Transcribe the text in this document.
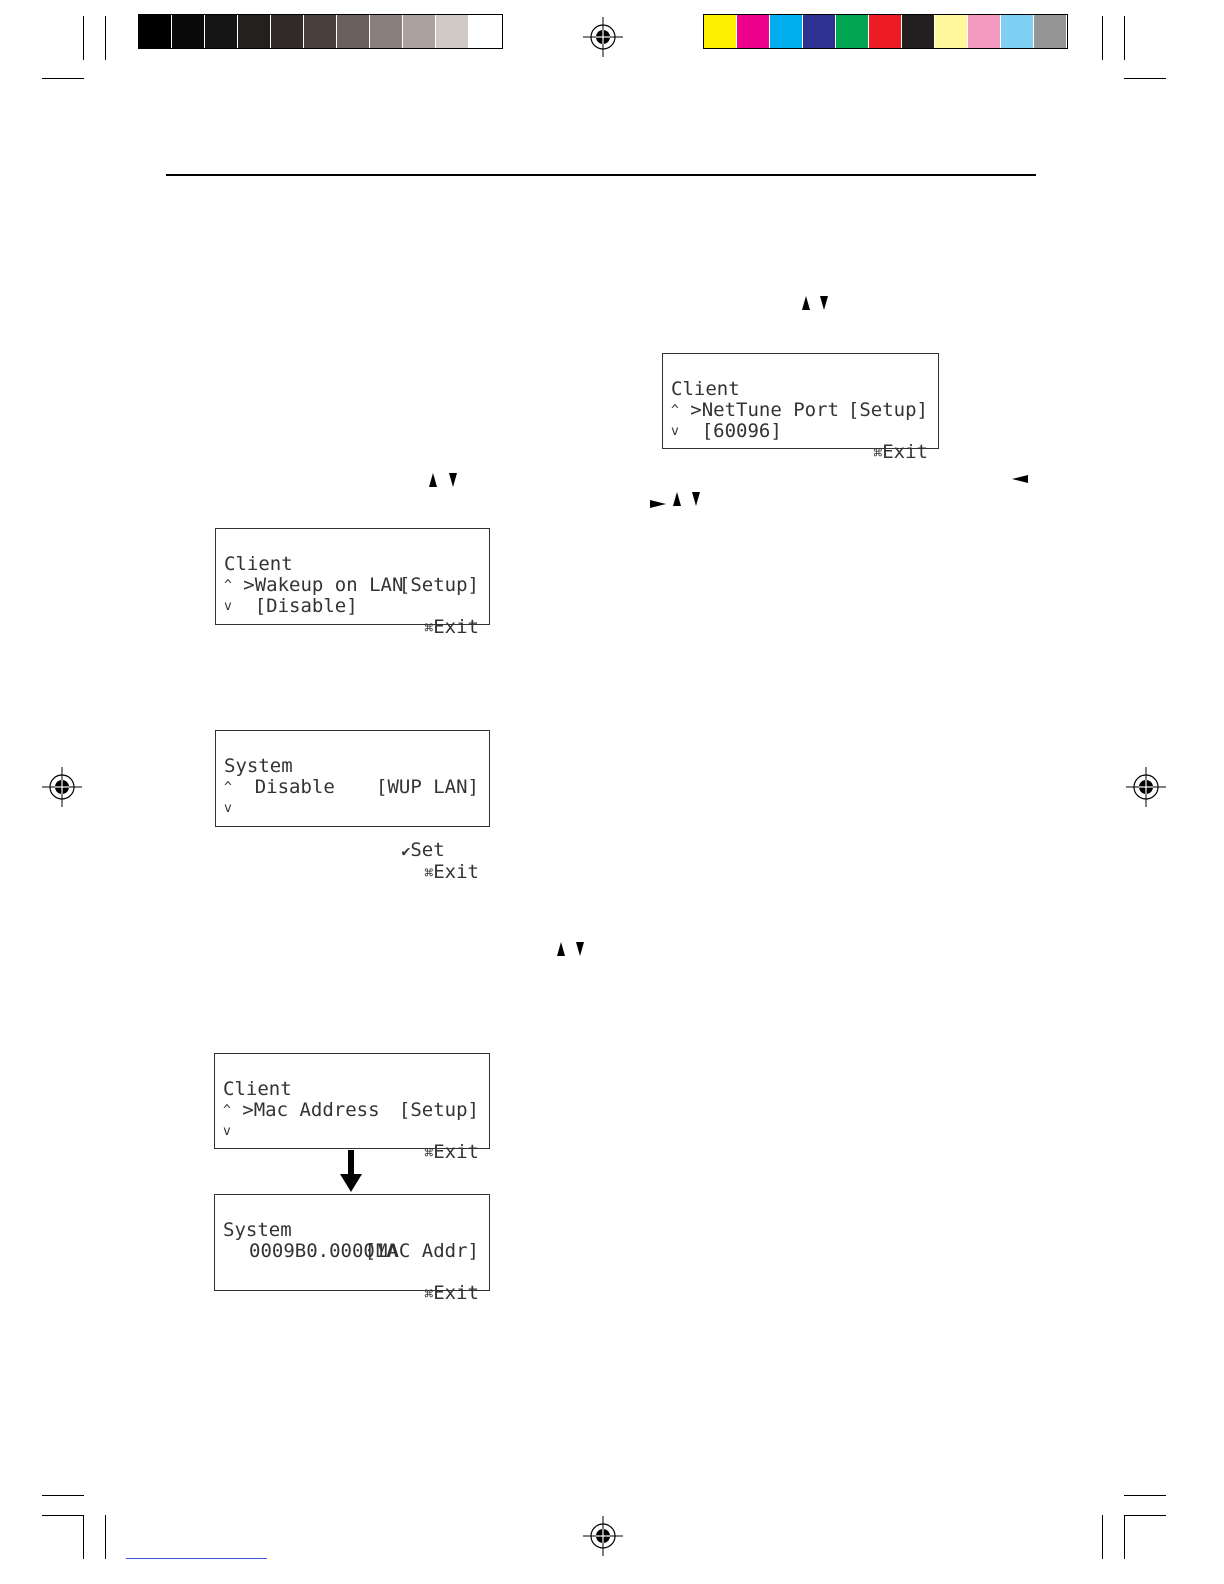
Client

[Setup]

^ >NetTune Port

v  [60096]

⌘Exit

Client

[Setup]

^ >Wakeup on LAN

v  [Disable]

⌘Exit

System

[WUP LAN]

^  Disable

v

✔Set
⌘Exit

Client

[Setup]

^ >Mac Address

v

⌘Exit

System

[MAC Addr]

0009B0.00001A

⌘Exit
